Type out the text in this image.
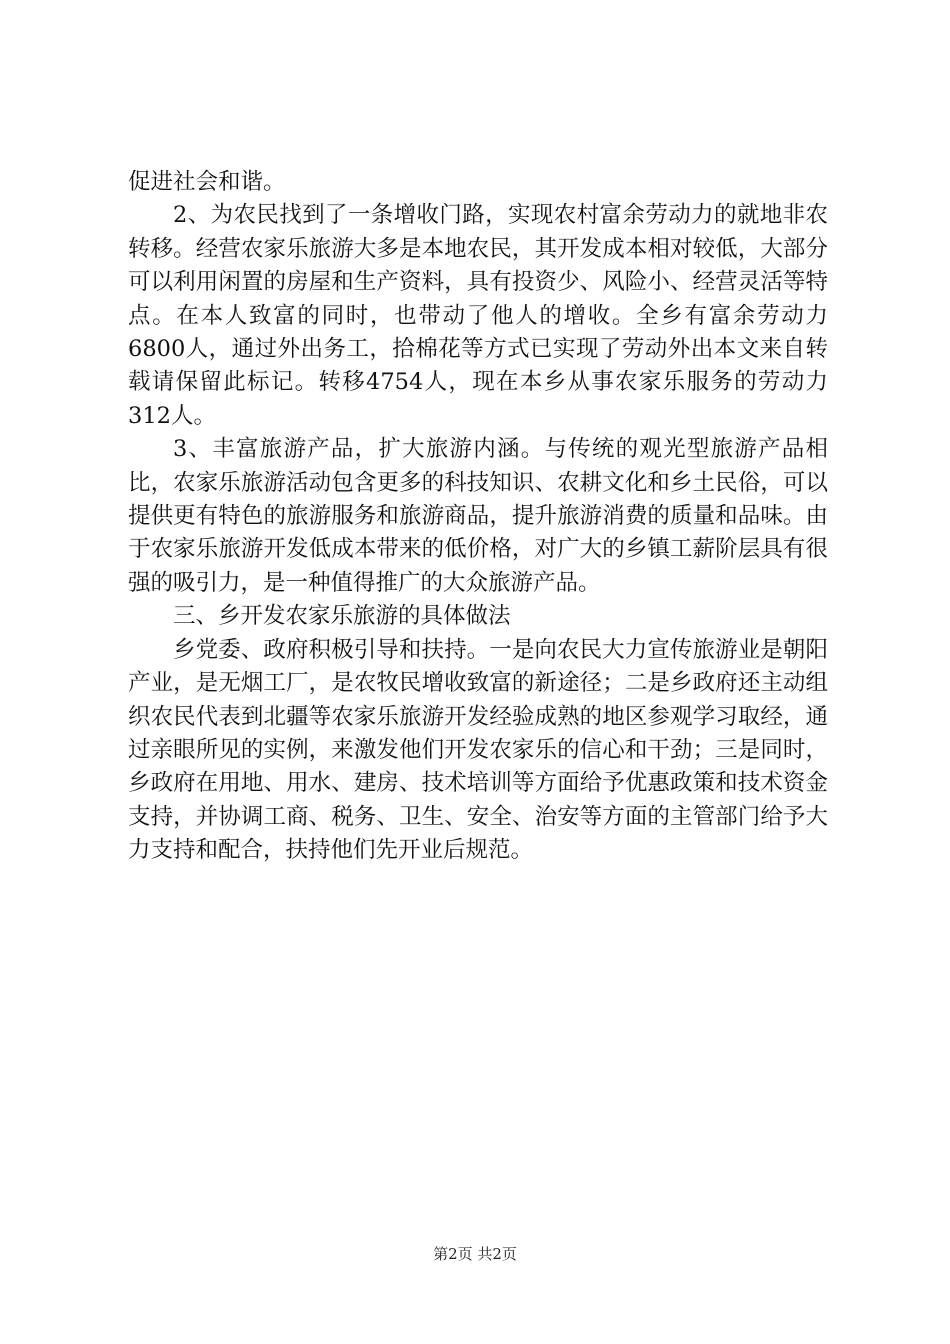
促进社会和谐。

2、为农民找到了一条增收门路，实现农村富余劳动力的就地非农转移。经营农家乐旅游大多是本地农民，其开发成本相对较低，大部分可以利用闲置的房屋和生产资料，具有投资少、风险小、经营灵活等特点。在本人致富的同时，也带动了他人的增收。全乡有富余劳动力6800人，通过外出务工，拾棉花等方式已实现了劳动外出本文来自转载请保留此标记。转移4754人，现在本乡从事农家乐服务的劳动力312人。

3、丰富旅游产品，扩大旅游内涵。与传统的观光型旅游产品相比，农家乐旅游活动包含更多的科技知识、农耕文化和乡土民俗，可以提供更有特色的旅游服务和旅游商品，提升旅游消费的质量和品味。由于农家乐旅游开发低成本带来的低价格，对广大的乡镇工薪阶层具有很强的吸引力，是一种值得推广的大众旅游产品。

三、乡开发农家乐旅游的具体做法

乡党委、政府积极引导和扶持。一是向农民大力宣传旅游业是朝阳产业，是无烟工厂，是农牧民增收致富的新途径；二是乡政府还主动组织农民代表到北疆等农家乐旅游开发经验成熟的地区参观学习取经，通过亲眼所见的实例，来激发他们开发农家乐的信心和干劲；三是同时，乡政府在用地、用水、建房、技术培训等方面给予优惠政策和技术资金支持，并协调工商、税务、卫生、安全、治安等方面的主管部门给予大力支持和配合，扶持他们先开业后规范。

第2页 共2页
